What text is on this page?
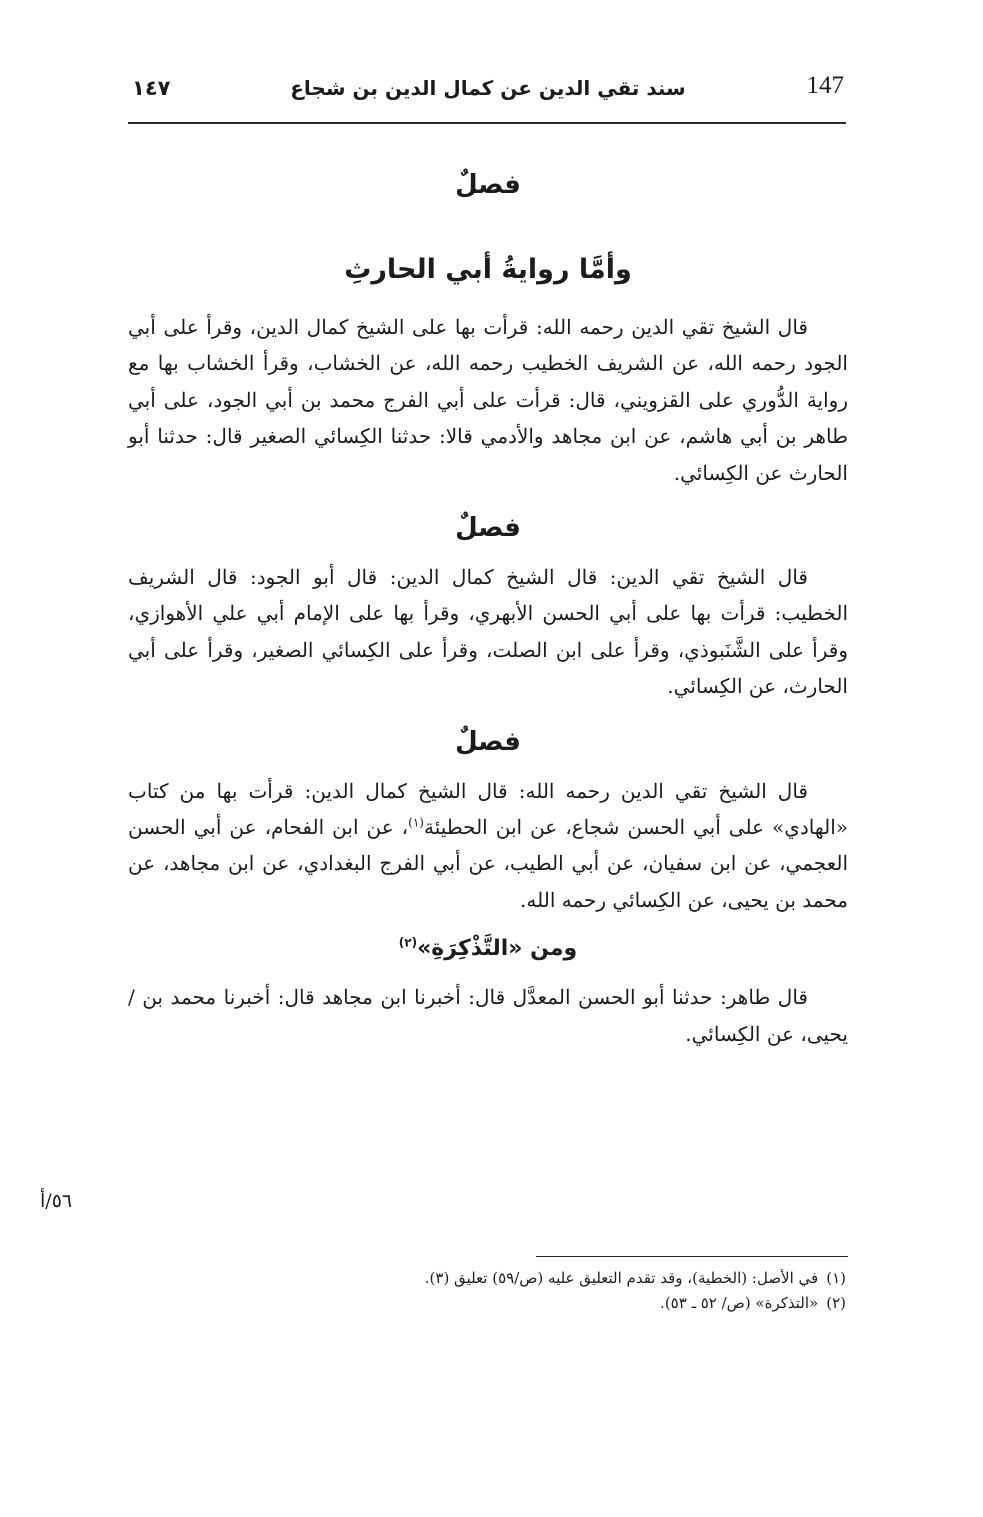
147
سند تقي الدين عن كمال الدين بن شجاع
١٤٧
فصلٌ
وأمَّا روايةُ أبي الحارثِ

قال الشيخ تقي الدين رحمه الله: قرأت بها على الشيخ كمال الدين، وقرأ على أبي الجود رحمه الله، عن الشريف الخطيب رحمه الله، عن الخشاب، وقرأ الخشاب بها مع رواية الدُّوري على القزويني، قال: قرأت على أبي الفرج محمد بن أبي الجود، على أبي طاهر بن أبي هاشم، عن ابن مجاهد والأدمي قالا: حدثنا الكِسائي الصغير قال: حدثنا أبو الحارث عن الكِسائي.

فصلٌ

قال الشيخ تقي الدين: قال الشيخ كمال الدين: قال أبو الجود: قال الشريف الخطيب: قرأت بها على أبي الحسن الأبهري، وقرأ بها على الإمام أبي علي الأهوازي، وقرأ على الشَّنَبوذي، وقرأ على ابن الصلت، وقرأ على الكِسائي الصغير، وقرأ على أبي الحارث، عن الكِسائي.

فصلٌ

قال الشيخ تقي الدين رحمه الله: قال الشيخ كمال الدين: قرأت بها من كتاب «الهادي» على أبي الحسن شجاع، عن ابن الحطيئة$^{(١)}$، عن ابن الفحام، عن أبي الحسن العجمي، عن ابن سفيان، عن أبي الطيب، عن أبي الفرج البغدادي، عن ابن مجاهد، عن محمد بن يحيى، عن الكِسائي رحمه الله.

ومن «التَّذْكِرَةِ»$^{(٢)}$

قال طاهر: حدثنا أبو الحسن المعدَّل قال: أخبرنا ابن مجاهد قال: أخبرنا محمد بن / يحيى، عن الكِسائي.

٥٦/أ
(١)في الأصل: (الخطية)، وقد تقدم التعليق عليه (ص/٥٩) تعليق (٣).
(٢)«التذكرة» (ص/ ٥٢ ـ ٥٣).
